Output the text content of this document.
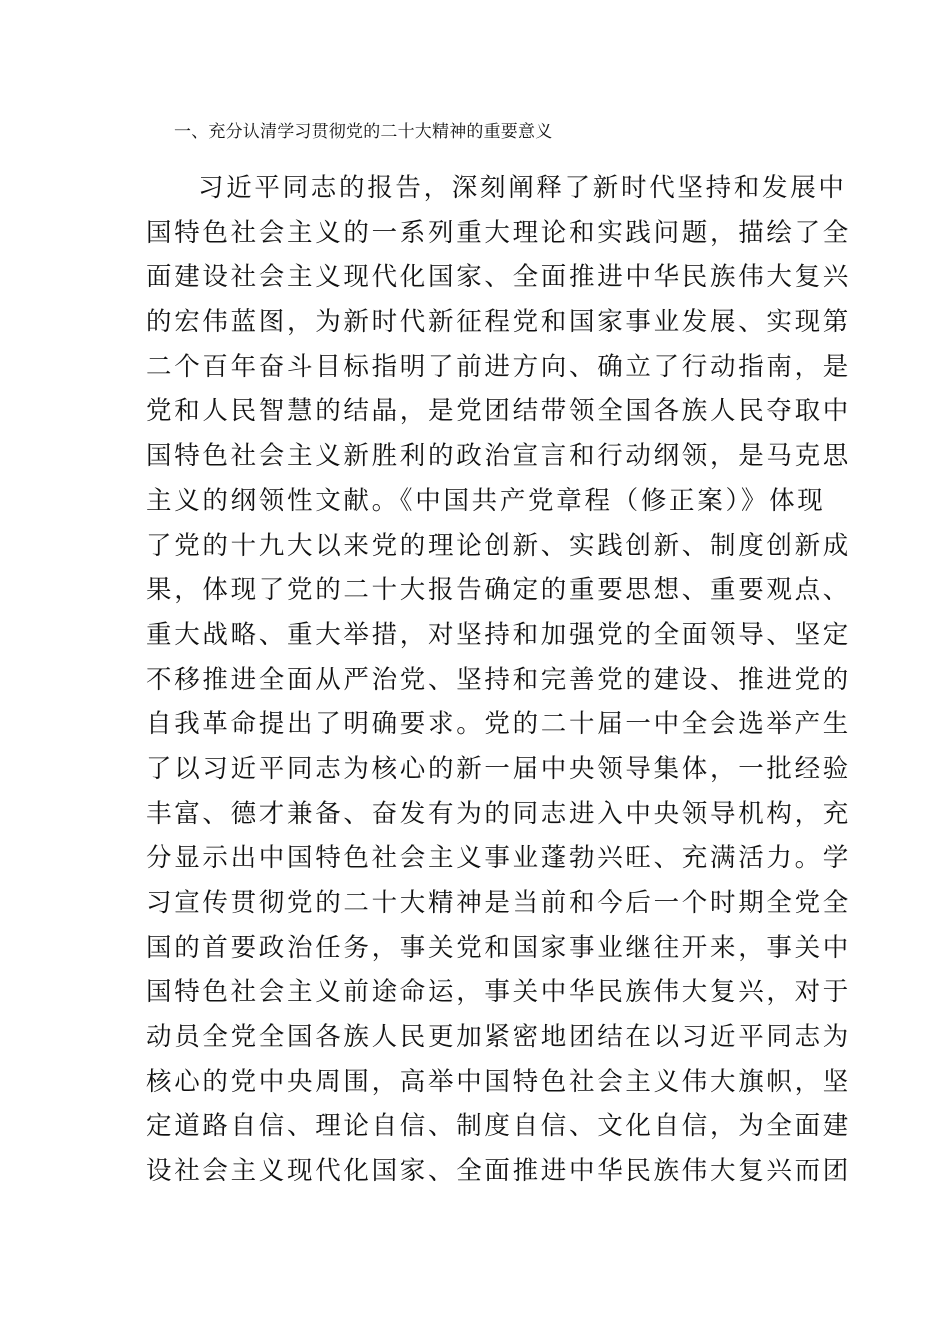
一、充分认清学习贯彻党的二十大精神的重要意义
习近平同志的报告，深刻阐释了新时代坚持和发展中
国特色社会主义的一系列重大理论和实践问题，描绘了全
面建设社会主义现代化国家、全面推进中华民族伟大复兴
的宏伟蓝图，为新时代新征程党和国家事业发展、实现第
二个百年奋斗目标指明了前进方向、确立了行动指南，是
党和人民智慧的结晶，是党团结带领全国各族人民夺取中
国特色社会主义新胜利的政治宣言和行动纲领，是马克思
主义的纲领性文献。《中国共产党章程（修正案）》体现
了党的十九大以来党的理论创新、实践创新、制度创新成
果，体现了党的二十大报告确定的重要思想、重要观点、
重大战略、重大举措，对坚持和加强党的全面领导、坚定
不移推进全面从严治党、坚持和完善党的建设、推进党的
自我革命提出了明确要求。党的二十届一中全会选举产生
了以习近平同志为核心的新一届中央领导集体，一批经验
丰富、德才兼备、奋发有为的同志进入中央领导机构，充
分显示出中国特色社会主义事业蓬勃兴旺、充满活力。学
习宣传贯彻党的二十大精神是当前和今后一个时期全党全
国的首要政治任务，事关党和国家事业继往开来，事关中
国特色社会主义前途命运，事关中华民族伟大复兴，对于
动员全党全国各族人民更加紧密地团结在以习近平同志为
核心的党中央周围，高举中国特色社会主义伟大旗帜，坚
定道路自信、理论自信、制度自信、文化自信，为全面建
设社会主义现代化国家、全面推进中华民族伟大复兴而团
